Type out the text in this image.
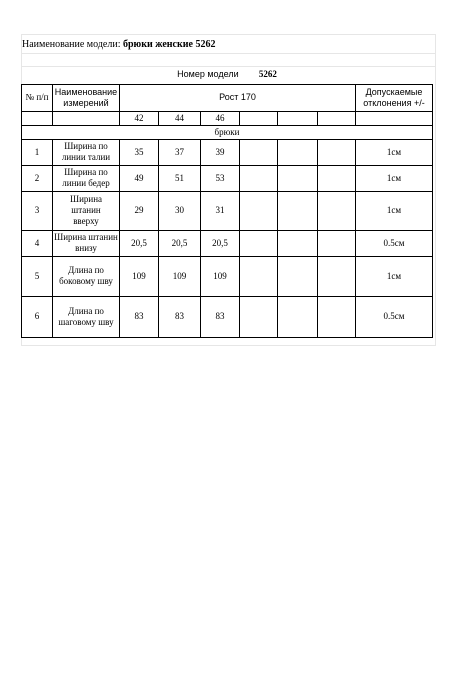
Наименование модели: брюки женские 5262
Номер модели 5262								
№ п/п	Наименование измерений	Рост 170						Допускаемые отклонения +/-
		42	44	46				
брюки								
1	Ширина по линии талии	35	37	39				1см
2	Ширина по линии бедер	49	51	53				1см
3	Ширина штанин вверху	29	30	31				1см
4	Ширина штанин внизу	20,5	20,5	20,5				0.5см
5	Длина по боковому шву	109	109	109				1см
6	Длина по шаговому шву	83	83	83				0.5см
